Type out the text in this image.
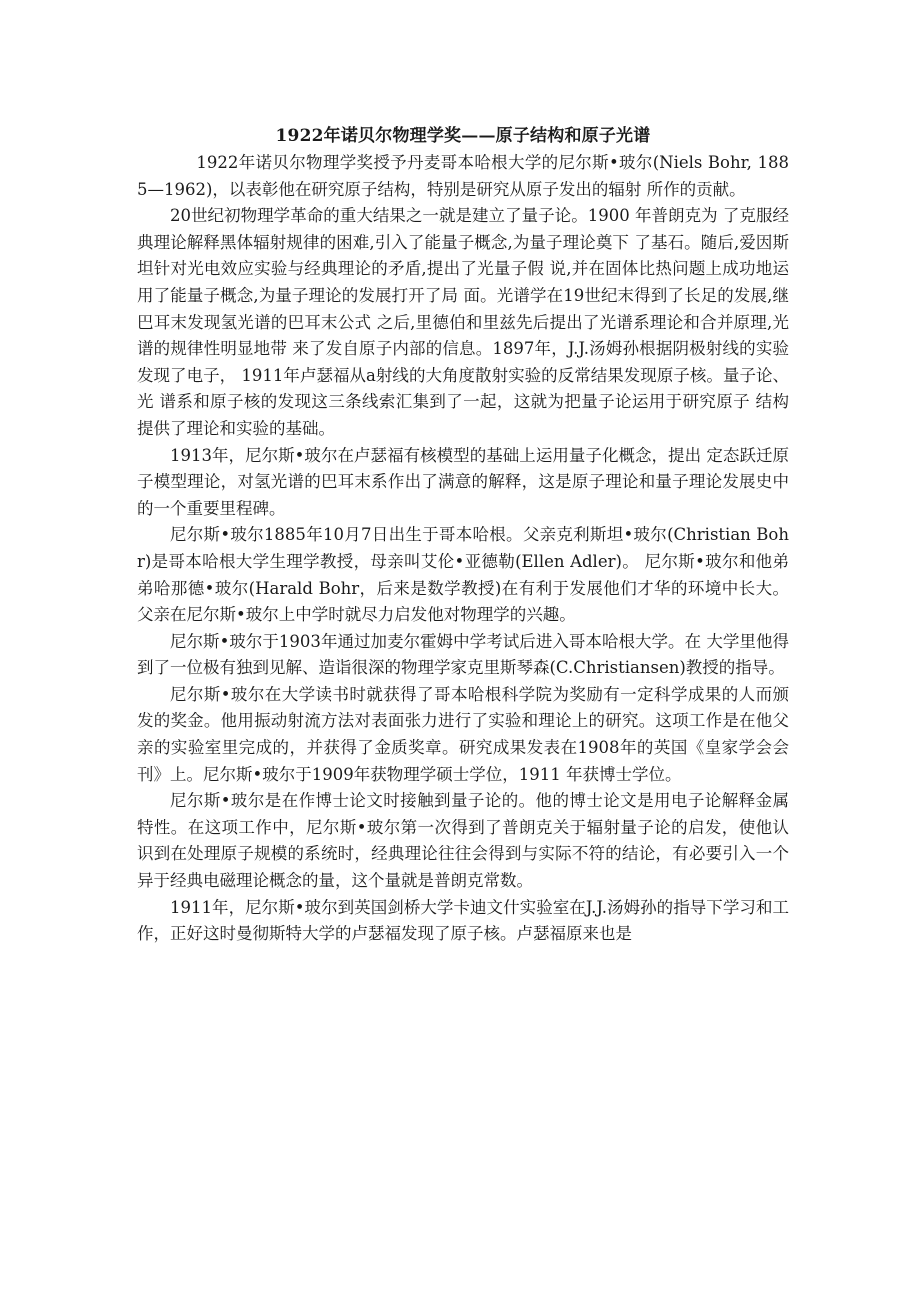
1922年诺贝尔物理学奖——原子结构和原子光谱

1922年诺贝尔物理学奖授予丹麦哥本哈根大学的尼尔斯•玻尔(Niels Bohr, 1885—1962)，以表彰他在研究原子结构，特别是研究从原子发出的辐射 所作的贡献。

20世纪初物理学革命的重大结果之一就是建立了量子论。1900 年普朗克为 了克服经典理论解释黑体辐射规律的困难,引入了能量子概念,为量子理论奠下 了基石。随后,爱因斯坦针对光电效应实验与经典理论的矛盾,提出了光量子假 说,并在固体比热问题上成功地运用了能量子概念,为量子理论的发展打开了局 面。光谱学在19世纪末得到了长足的发展,继巴耳末发现氢光谱的巴耳末公式 之后,里德伯和里兹先后提出了光谱系理论和合并原理,光谱的规律性明显地带 来了发自原子内部的信息。1897年，J.J.汤姆孙根据阴极射线的实验发现了电子， 1911年卢瑟福从a射线的大角度散射实验的反常结果发现原子核。量子论、光 谱系和原子核的发现这三条线索汇集到了一起，这就为把量子论运用于研究原子 结构提供了理论和实验的基础。

1913年，尼尔斯•玻尔在卢瑟福有核模型的基础上运用量子化概念，提出 定态跃迁原子模型理论，对氢光谱的巴耳末系作出了满意的解释，这是原子理论和量子理论发展史中的一个重要里程碑。

尼尔斯•玻尔1885年10月7日出生于哥本哈根。父亲克利斯坦•玻尔(Christian Bohr)是哥本哈根大学生理学教授，母亲叫艾伦•亚德勒(Ellen Adler)。 尼尔斯•玻尔和他弟弟哈那德•玻尔(Harald Bohr，后来是数学教授)在有利于发展他们才华的环境中长大。父亲在尼尔斯•玻尔上中学时就尽力启发他对物理学的兴趣。

尼尔斯•玻尔于1903年通过加麦尔霍姆中学考试后进入哥本哈根大学。在 大学里他得到了一位极有独到见解、造诣很深的物理学家克里斯琴森(C.Christiansen)教授的指导。

尼尔斯•玻尔在大学读书时就获得了哥本哈根科学院为奖励有一定科学成果的人而颁发的奖金。他用振动射流方法对表面张力进行了实验和理论上的研究。这项工作是在他父亲的实验室里完成的，并获得了金质奖章。研究成果发表在1908年的英国《皇家学会会刊》上。尼尔斯•玻尔于1909年获物理学硕士学位，1911 年获博士学位。

尼尔斯•玻尔是在作博士论文时接触到量子论的。他的博士论文是用电子论解释金属特性。在这项工作中，尼尔斯•玻尔第一次得到了普朗克关于辐射量子论的启发，使他认识到在处理原子规模的系统时，经典理论往往会得到与实际不符的结论，有必要引入一个异于经典电磁理论概念的量，这个量就是普朗克常数。

1911年，尼尔斯•玻尔到英国剑桥大学卡迪文什实验室在J.J.汤姆孙的指导下学习和工作，正好这时曼彻斯特大学的卢瑟福发现了原子核。卢瑟福原来也是
